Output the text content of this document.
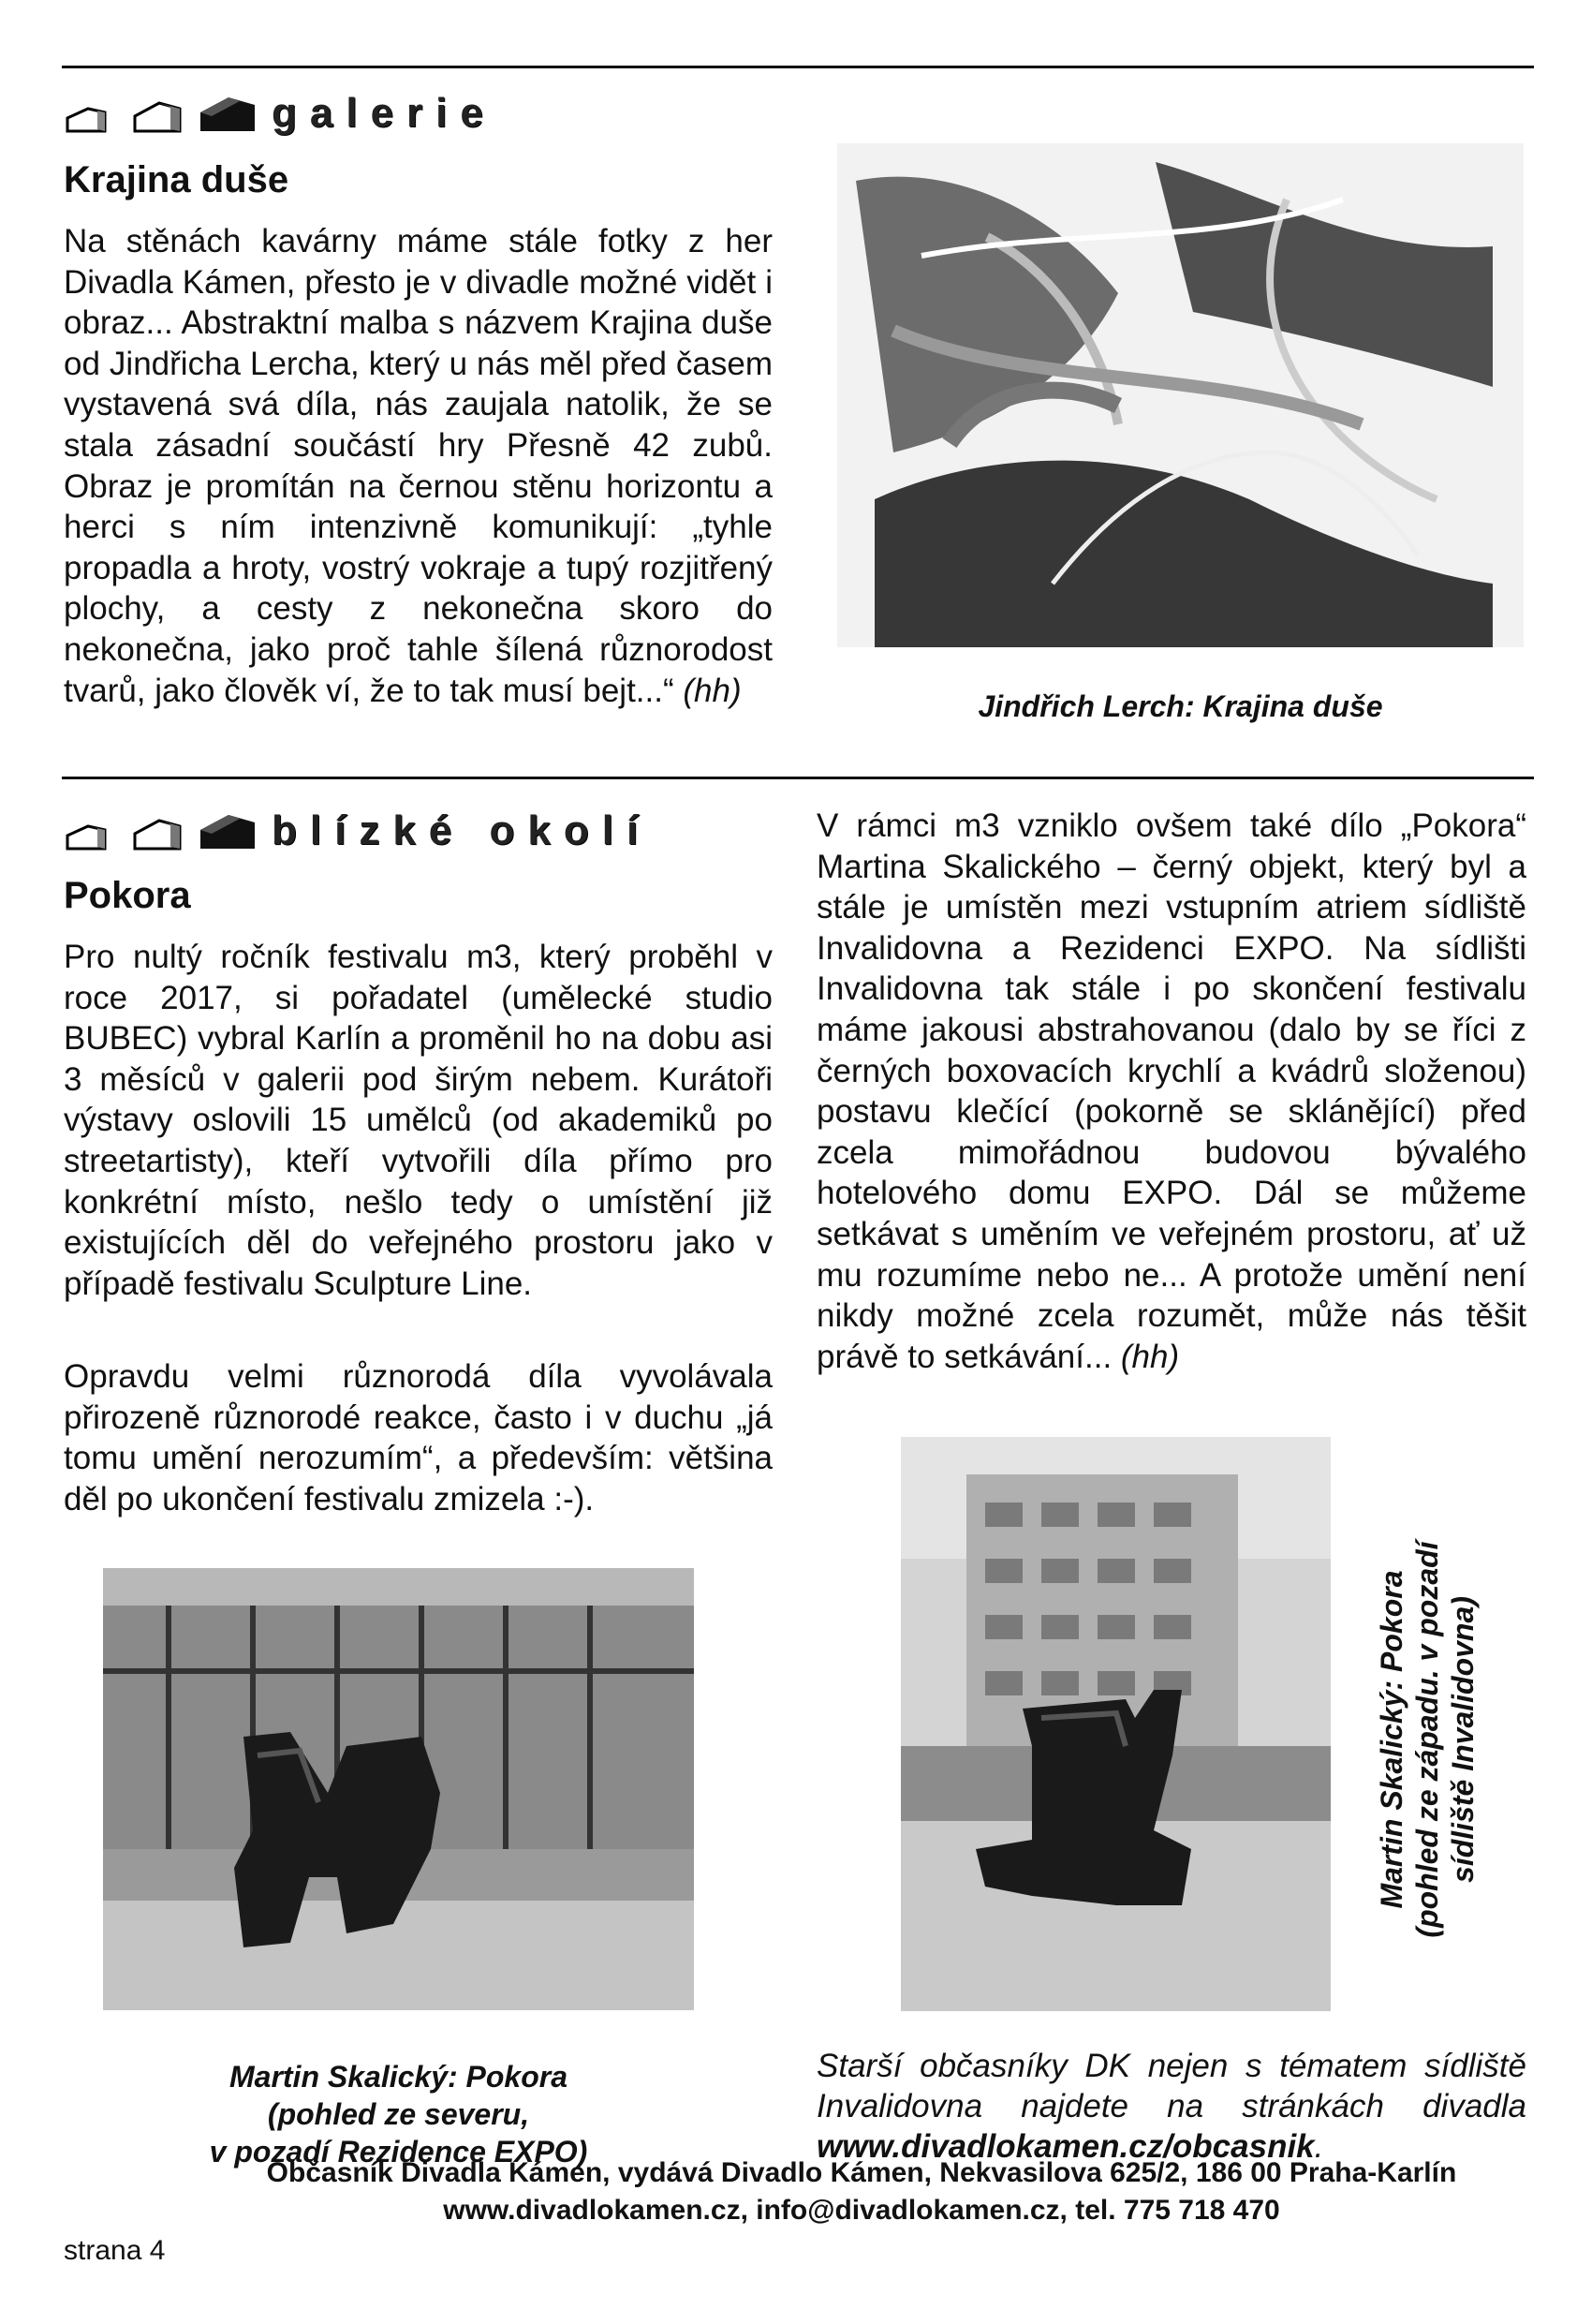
galerie
Krajina duše

Na stěnách kavárny máme stále fotky z her Divadla Kámen, přesto je v divadle možné vidět i obraz... Abstraktní malba s názvem Krajina duše od Jindřicha Lercha, který u nás měl před časem vystavená svá díla, nás zaujala natolik, že se stala zásadní součástí hry Přesně 42 zubů. Obraz je promítán na černou stěnu horizontu a herci s ním intenzivně komunikují: „tyhle propadla a hroty, vostrý vokraje a tupý rozjitřený plochy, a cesty z nekonečna skoro do nekonečna, jako proč tahle šílená různorodost tvarů, jako člověk ví, že to tak musí bejt...“ (hh)	Jindřich Lerch: Krajina duše

blízké okolí
Pokora

Pro nultý ročník festivalu m3, který proběhl v roce 2017, si pořadatel (umělecké studio BUBEC) vybral Karlín a proměnil ho na dobu asi 3 měsíců v galerii pod širým nebem. Kurátoři výstavy oslovili 15 umělců (od akademiků po streetartisty), kteří vytvořili díla přímo pro konkrétní místo, nešlo tedy o umístění již existujících děl do veřejného prostoru jako v případě festivalu Sculpture Line.

Opravdu velmi různorodá díla vyvolávala přirozeně různorodé reakce, často i v duchu „já tomu umění nerozumím“, a především: většina děl po ukončení festivalu zmizela :-).

V rámci m3 vzniklo ovšem také dílo „Pokora“ Martina Skalického – černý objekt, který byl a stále je umístěn mezi vstupním atriem sídliště Invalidovna a Rezidenci EXPO. Na sídlišti Invalidovna tak stále i po skončení festivalu máme jakousi abstrahovanou (dalo by se říci z černých boxovacích krychlí a kvádrů složenou) postavu klečící (pokorně se sklánějící) před zcela mimořádnou budovou bývalého hotelového domu EXPO. Dál se můžeme setkávat s uměním ve veřejném prostoru, ať už mu rozumíme nebo ne... A protože umění není nikdy možné zcela rozumět, může nás těšit právě to setkávání... (hh)

Martin Skalický: Pokora
(pohled ze severu,
v pozadí Rezidence EXPO)
Martin Skalický: Pokora (pohled ze západu. v pozadí sídliště Invalidovna)

Starší občasníky DK nejen s tématem sídliště Invalidovna najdete na stránkách divadla www.divadlokamen.cz/obcasnik.

Občasník Divadla Kámen, vydává Divadlo Kámen, Nekvasilova 625/2, 186 00 Praha-Karlín
www.divadlokamen.cz, info@divadlokamen.cz, tel. 775 718 470
strana 4
